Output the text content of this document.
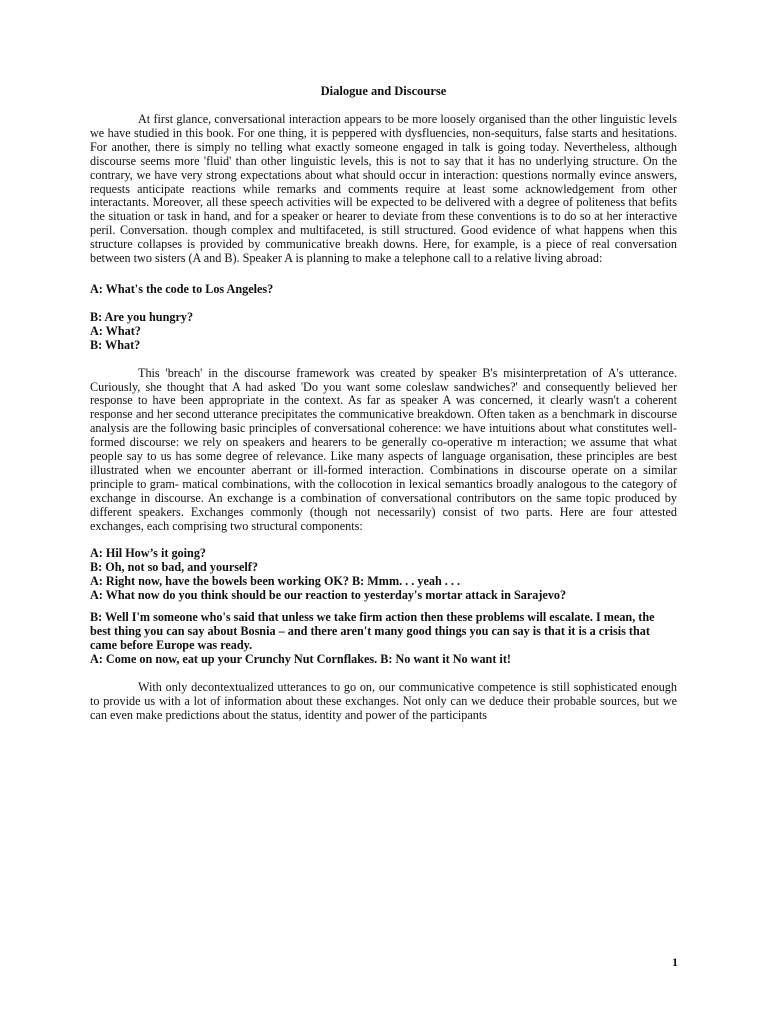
Dialogue and Discourse

At first glance, conversational interaction appears to be more loosely organised than the other linguistic levels we have studied in this book. For one thing, it is peppered with dysfluencies, non-sequiturs, false starts and hesitations. For another, there is simply no telling what exactly someone engaged in talk is going today. Nevertheless, although discourse seems more 'fluid' than other linguistic levels, this is not to say that it has no underlying structure. On the contrary, we have very strong expectations about what should occur in interaction: questions normally evince answers, requests anticipate reactions while remarks and comments require at least some acknowledgement from other interactants. Moreover, all these speech activities will be expected to be delivered with a degree of politeness that befits the situation or task in hand, and for a speaker or hearer to deviate from these conventions is to do so at her interactive peril. Conversation. though complex and multifaceted, is still structured. Good evidence of what happens when this structure collapses is provided by communicative breakh downs. Here, for example, is a piece of real conversation between two sisters (A and B). Speaker A is planning to make a telephone call to a relative living abroad:

A: What's the code to Los Angeles?

B: Are you hungry?

A: What?

B: What?

This 'breach' in the discourse framework was created by speaker B's misinterpretation of A's utterance. Curiously, she thought that A had asked 'Do you want some coleslaw sandwiches?' and consequently believed her response to have been appropriate in the context. As far as speaker A was concerned, it clearly wasn't a coherent response and her second utterance precipitates the communicative breakdown. Often taken as a benchmark in discourse analysis are the following basic principles of conversational coherence: we have intuitions about what constitutes well-formed discourse: we rely on speakers and hearers to be generally co-operative m interaction; we assume that what people say to us has some degree of relevance. Like many aspects of language organisation, these principles are best illustrated when we encounter aberrant or ill-formed interaction. Combinations in discourse operate on a similar principle to gram- matical combinations, with the collocotion in lexical semantics broadly analogous to the category of exchange in discourse. An exchange is a combination of conversational contributors on the same topic produced by different speakers. Exchanges commonly (though not necessarily) consist of two parts. Here are four attested exchanges, each comprising two structural components:

A: Hil How’s it going?

B: Oh, not so bad, and yourself?

A: Right now, have the bowels been working OK? B: Mmm. . . yeah . . .

A: What now do you think should be our reaction to yesterday's mortar attack in Sarajevo?

B: Well I'm someone who's said that unless we take firm action then these problems will escalate. I mean, the best thing you can say about Bosnia – and there aren't many good things you can say is that it is a crisis that came before Europe was ready.

A: Come on now, eat up your Crunchy Nut Cornflakes. B: No want it No want it!

With only decontextualized utterances to go on, our communicative competence is still sophisticated enough to provide us with a lot of information about these exchanges. Not only can we deduce their probable sources, but we can even make predictions about the status, identity and power of the participants

1
